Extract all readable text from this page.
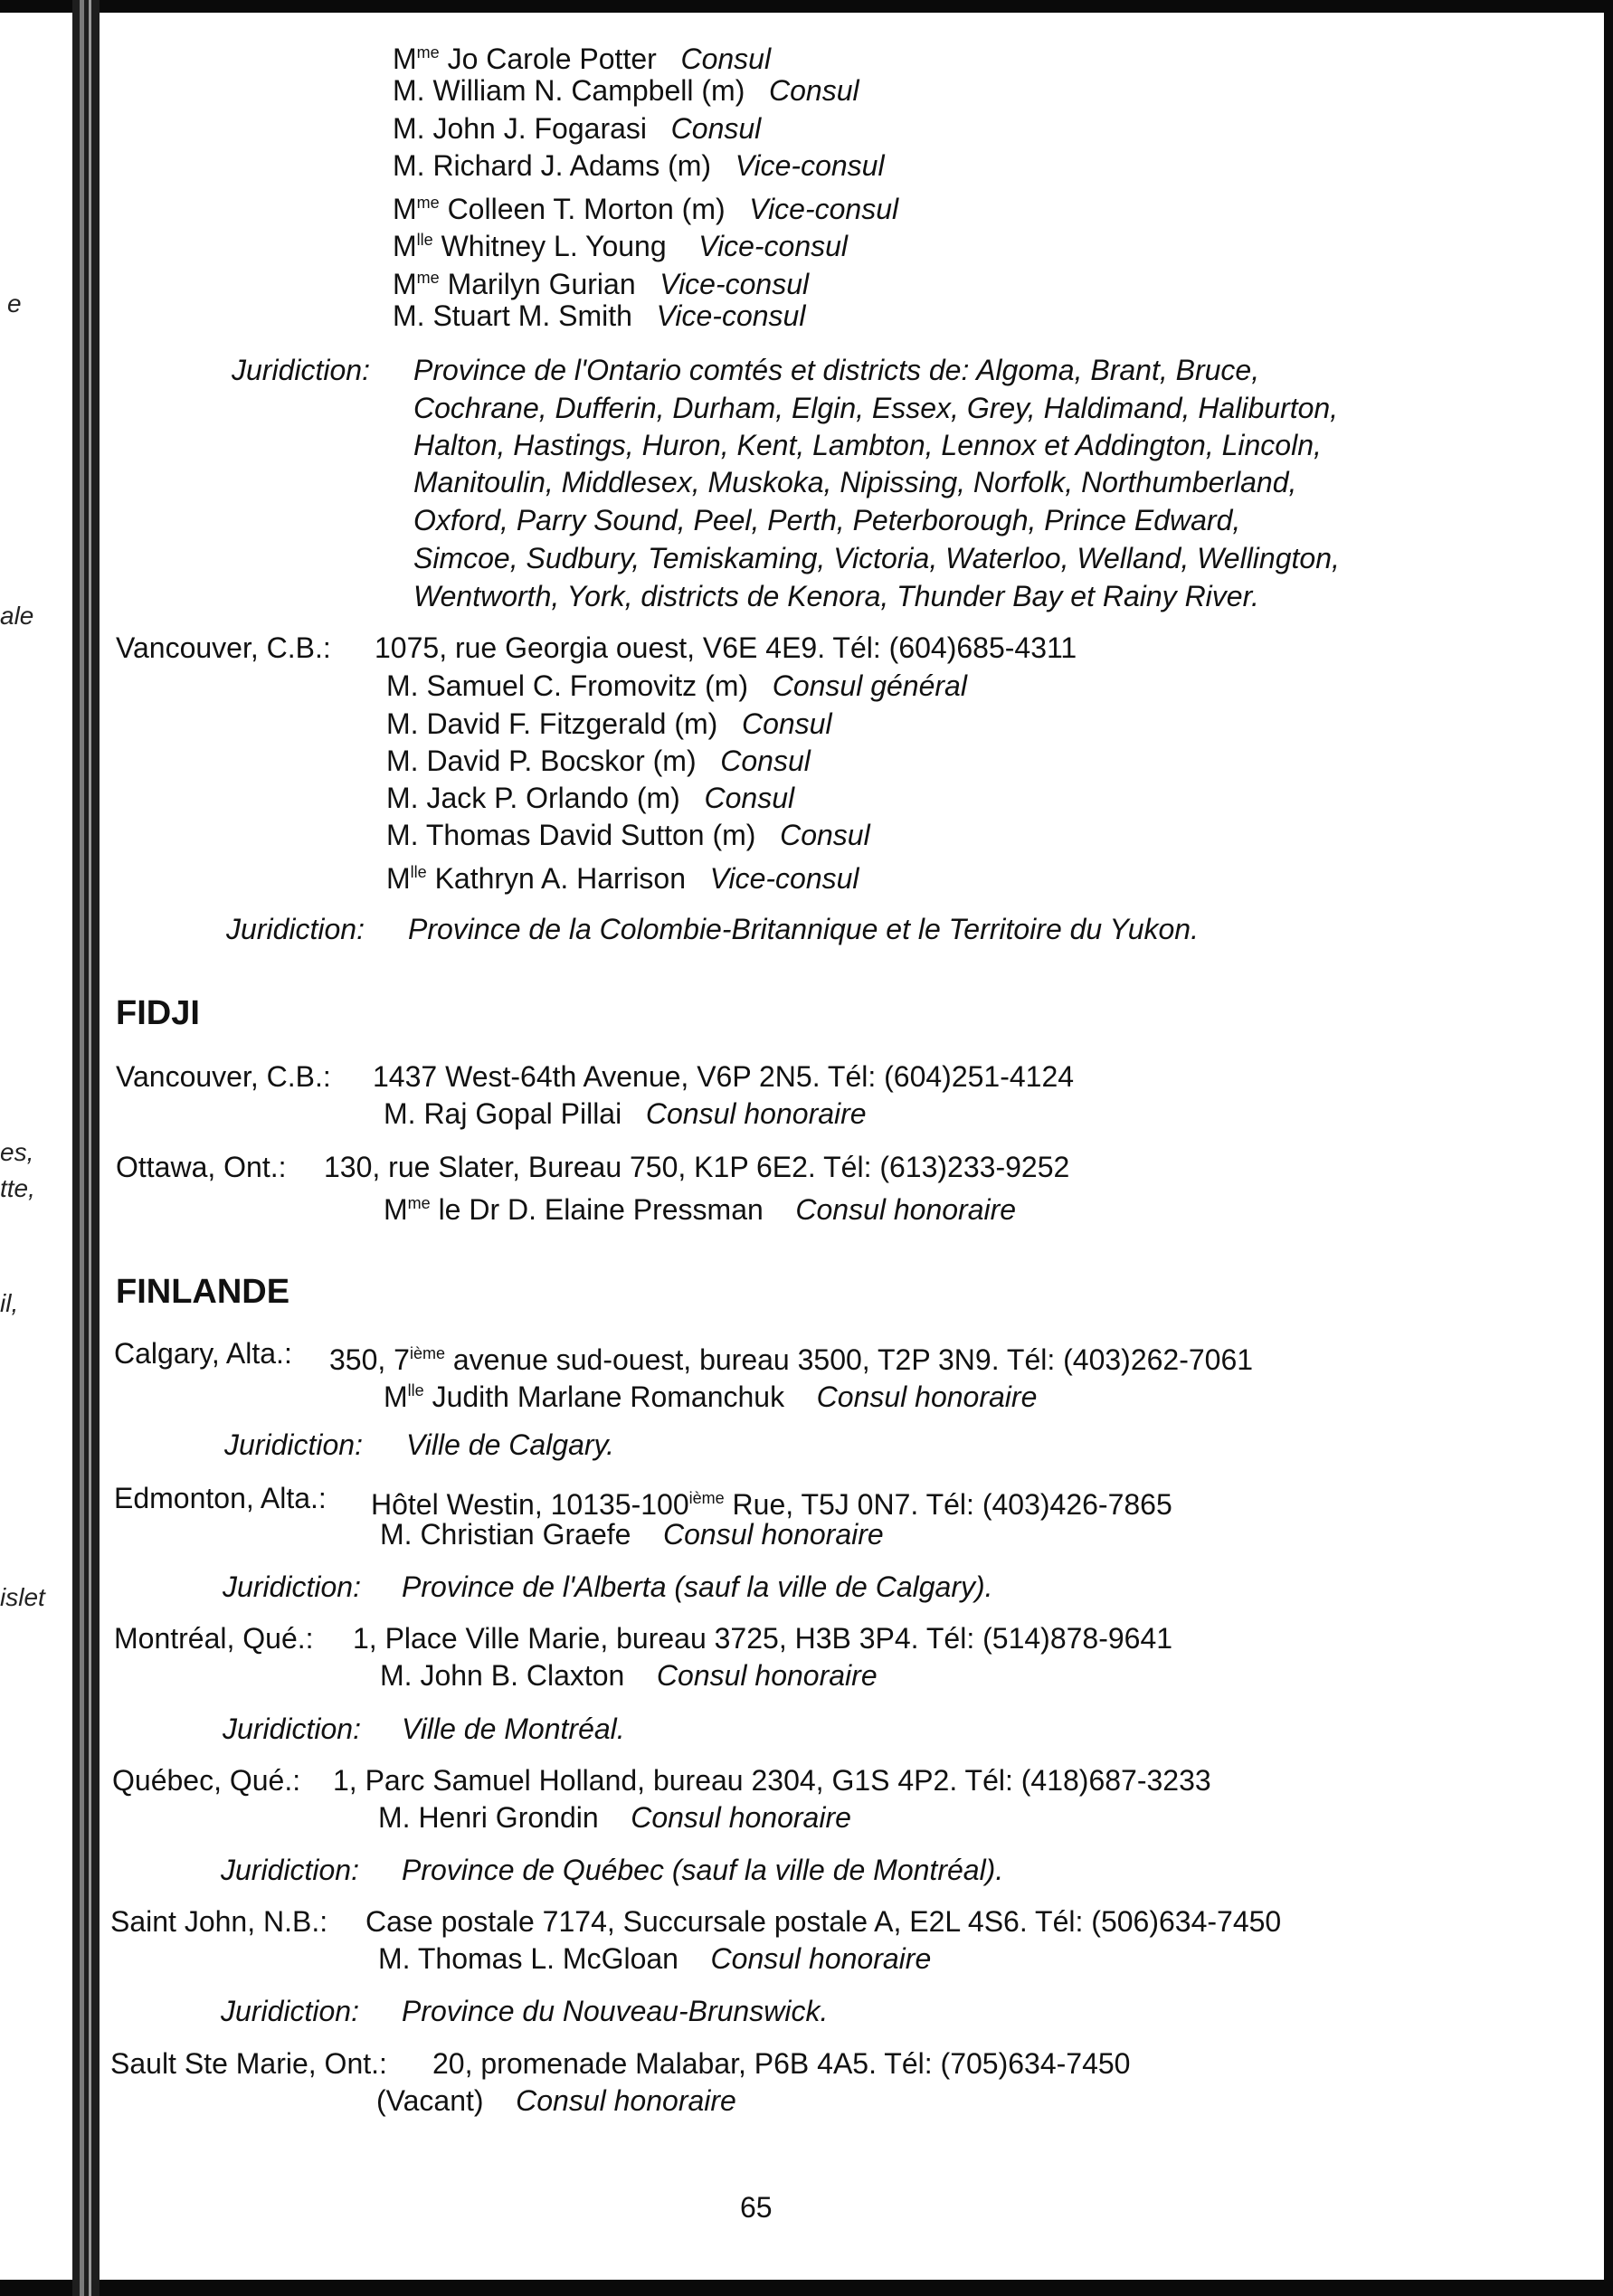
e
ale
es,
tte,
il,
islet
$M^{me}$ Jo Carole Potter Consul
M. William N. Campbell (m) Consul
M. John J. Fogarasi Consul
M. Richard J. Adams (m) Vice-consul
$M^{me}$ Colleen T. Morton (m) Vice-consul
$M^{lle}$ Whitney L. Young Vice-consul
$M^{me}$ Marilyn Gurian Vice-consul
M. Stuart M. Smith Vice-consul
Juridiction: Province de l'Ontario comtés et districts de: Algoma, Brant, Bruce,
Cochrane, Dufferin, Durham, Elgin, Essex, Grey, Haldimand, Haliburton,
Halton, Hastings, Huron, Kent, Lambton, Lennox et Addington, Lincoln,
Manitoulin, Middlesex, Muskoka, Nipissing, Norfolk, Northumberland,
Oxford, Parry Sound, Peel, Perth, Peterborough, Prince Edward,
Simcoe, Sudbury, Temiskaming, Victoria, Waterloo, Welland, Wellington,
Wentworth, York, districts de Kenora, Thunder Bay et Rainy River.
Vancouver, C.B.: 1075, rue Georgia ouest, V6E 4E9. Tél: (604)685-4311
M. Samuel C. Fromovitz (m) Consul général
M. David F. Fitzgerald (m) Consul
M. David P. Bocskor (m) Consul
M. Jack P. Orlando (m) Consul
M. Thomas David Sutton (m) Consul
$M^{lle}$ Kathryn A. Harrison Vice-consul
Juridiction: Province de la Colombie-Britannique et le Territoire du Yukon.
FIDJI
Vancouver, C.B.: 1437 West-64th Avenue, V6P 2N5. Tél: (604)251-4124
M. Raj Gopal Pillai Consul honoraire
Ottawa, Ont.: 130, rue Slater, Bureau 750, K1P 6E2. Tél: (613)233-9252
$M^{me}$ le Dr D. Elaine Pressman Consul honoraire
FINLANDE
Calgary, Alta.: 350, 7ième avenue sud-ouest, bureau 3500, T2P 3N9. Tél: (403)262-7061
$M^{lle}$ Judith Marlane Romanchuk Consul honoraire
Juridiction: Ville de Calgary.
Edmonton, Alta.: Hôtel Westin, 10135-100ième Rue, T5J 0N7. Tél: (403)426-7865
M. Christian Graefe Consul honoraire
Juridiction: Province de l'Alberta (sauf la ville de Calgary).
Montréal, Qué.: 1, Place Ville Marie, bureau 3725, H3B 3P4. Tél: (514)878-9641
M. John B. Claxton Consul honoraire
Juridiction: Ville de Montréal.
Québec, Qué.: 1, Parc Samuel Holland, bureau 2304, G1S 4P2. Tél: (418)687-3233
M. Henri Grondin Consul honoraire
Juridiction: Province de Québec (sauf la ville de Montréal).
Saint John, N.B.: Case postale 7174, Succursale postale A, E2L 4S6. Tél: (506)634-7450
M. Thomas L. McGloan Consul honoraire
Juridiction: Province du Nouveau-Brunswick.
Sault Ste Marie, Ont.: 20, promenade Malabar, P6B 4A5. Tél: (705)634-7450
(Vacant) Consul honoraire
65
